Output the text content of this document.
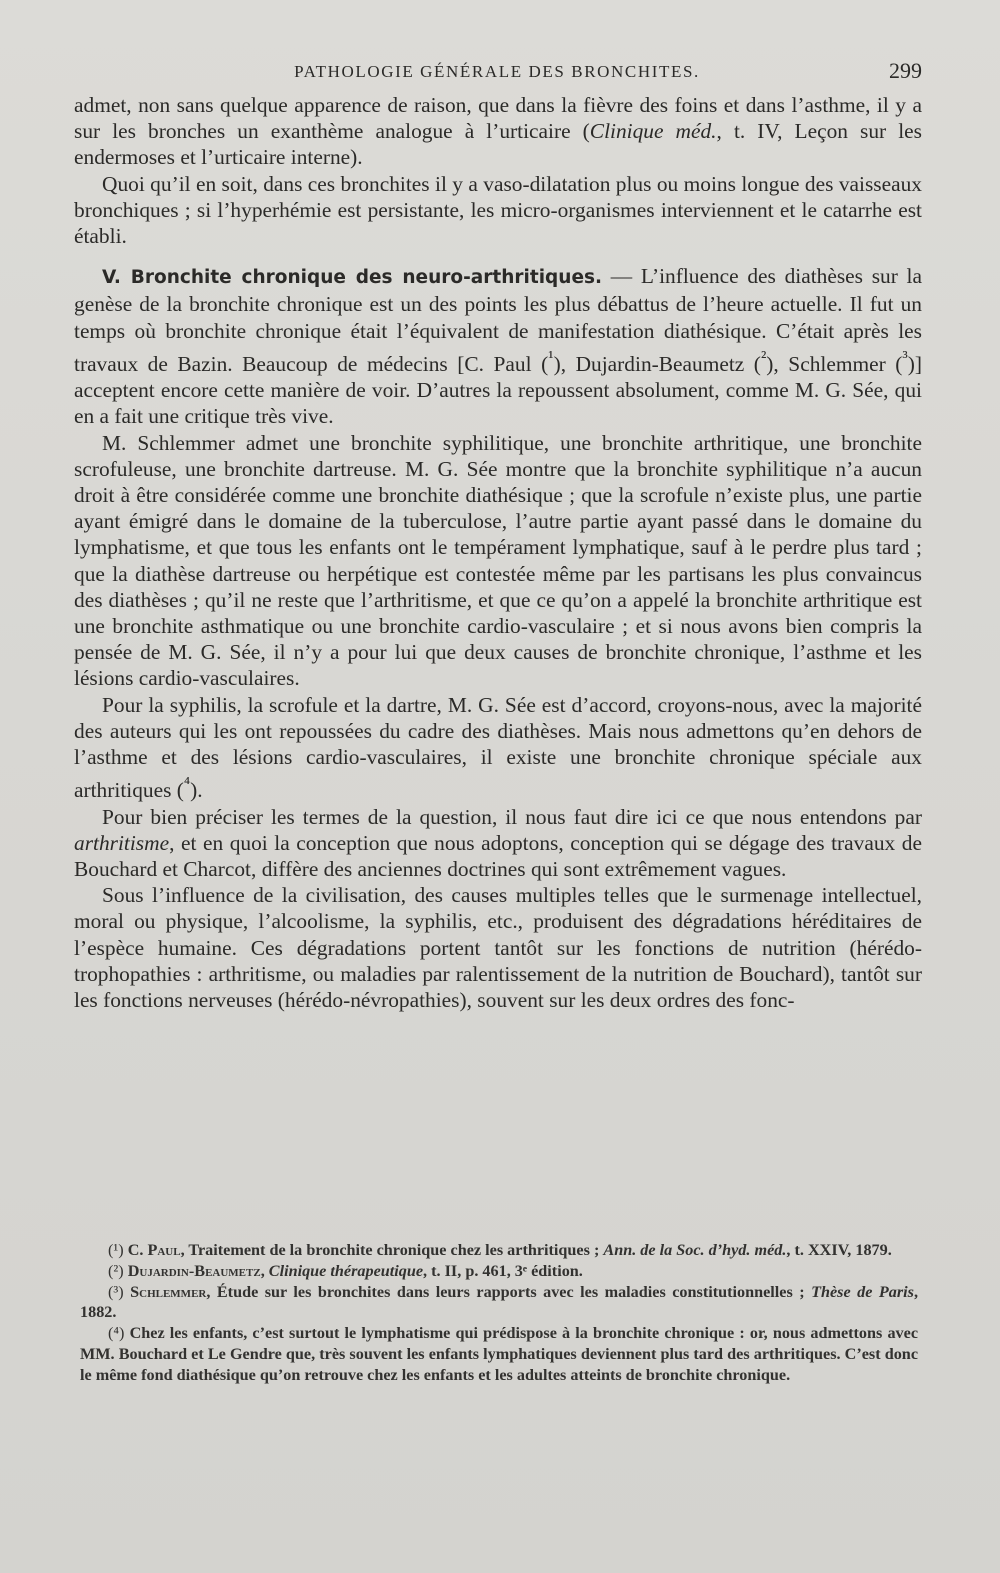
PATHOLOGIE GÉNÉRALE DES BRONCHITES.	299

admet, non sans quelque apparence de raison, que dans la fièvre des foins et dans l’asthme, il y a sur les bronches un exanthème analogue à l’urticaire (Clinique méd., t. IV, Leçon sur les endermoses et l’urticaire interne).

Quoi qu’il en soit, dans ces bronchites il y a vaso-dilatation plus ou moins longue des vaisseaux bronchiques ; si l’hyperhémie est persistante, les micro-organismes interviennent et le catarrhe est établi.

V. Bronchite chronique des neuro-arthritiques. — L’influence des diathèses sur la genèse de la bronchite chronique est un des points les plus débattus de l’heure actuelle. Il fut un temps où bronchite chronique était l’équivalent de manifestation diathésique. C’était après les travaux de Bazin. Beaucoup de médecins [C. Paul ($^{^1}$), Dujardin-Beaumetz ($^{^2}$), Schlemmer ($^{^3}$)] acceptent encore cette manière de voir. D’autres la repoussent absolument, comme M. G. Sée, qui en a fait une critique très vive.

M. Schlemmer admet une bronchite syphilitique, une bronchite arthritique, une bronchite scrofuleuse, une bronchite dartreuse. M. G. Sée montre que la bronchite syphilitique n’a aucun droit à être considérée comme une bronchite diathésique ; que la scrofule n’existe plus, une partie ayant émigré dans le domaine de la tuberculose, l’autre partie ayant passé dans le domaine du lymphatisme, et que tous les enfants ont le tempérament lymphatique, sauf à le perdre plus tard ; que la diathèse dartreuse ou herpétique est contestée même par les partisans les plus convaincus des diathèses ; qu’il ne reste que l’arthritisme, et que ce qu’on a appelé la bronchite arthritique est une bronchite asthmatique ou une bronchite cardio-vasculaire ; et si nous avons bien compris la pensée de M. G. Sée, il n’y a pour lui que deux causes de bronchite chronique, l’asthme et les lésions cardio-vasculaires.

Pour la syphilis, la scrofule et la dartre, M. G. Sée est d’accord, croyons-nous, avec la majorité des auteurs qui les ont repoussées du cadre des diathèses. Mais nous admettons qu’en dehors de l’asthme et des lésions cardio-vasculaires, il existe une bronchite chronique spéciale aux arthritiques ($^{^4}$).

Pour bien préciser les termes de la question, il nous faut dire ici ce que nous entendons par arthritisme, et en quoi la conception que nous adoptons, conception qui se dégage des travaux de Bouchard et Charcot, diffère des anciennes doctrines qui sont extrêmement vagues.

Sous l’influence de la civilisation, des causes multiples telles que le surmenage intellectuel, moral ou physique, l’alcoolisme, la syphilis, etc., produisent des dégradations héréditaires de l’espèce humaine. Ces dégradations portent tantôt sur les fonctions de nutrition (hérédo-trophopathies : arthritisme, ou maladies par ralentissement de la nutrition de Bouchard), tantôt sur les fonctions nerveuses (hérédo-névropathies), souvent sur les deux ordres des fonc-

(¹) C. Paul, Traitement de la bronchite chronique chez les arthritiques ; Ann. de la Soc. d’hyd. méd., t. XXIV, 1879.

(²) Dujardin-Beaumetz, Clinique thérapeutique, t. II, p. 461, 3ᵉ édition.

(³) Schlemmer, Étude sur les bronchites dans leurs rapports avec les maladies constitutionnelles ; Thèse de Paris, 1882.

(⁴) Chez les enfants, c’est surtout le lymphatisme qui prédispose à la bronchite chronique : or, nous admettons avec MM. Bouchard et Le Gendre que, très souvent les enfants lymphatiques deviennent plus tard des arthritiques. C’est donc le même fond diathésique qu’on retrouve chez les enfants et les adultes atteints de bronchite chronique.
